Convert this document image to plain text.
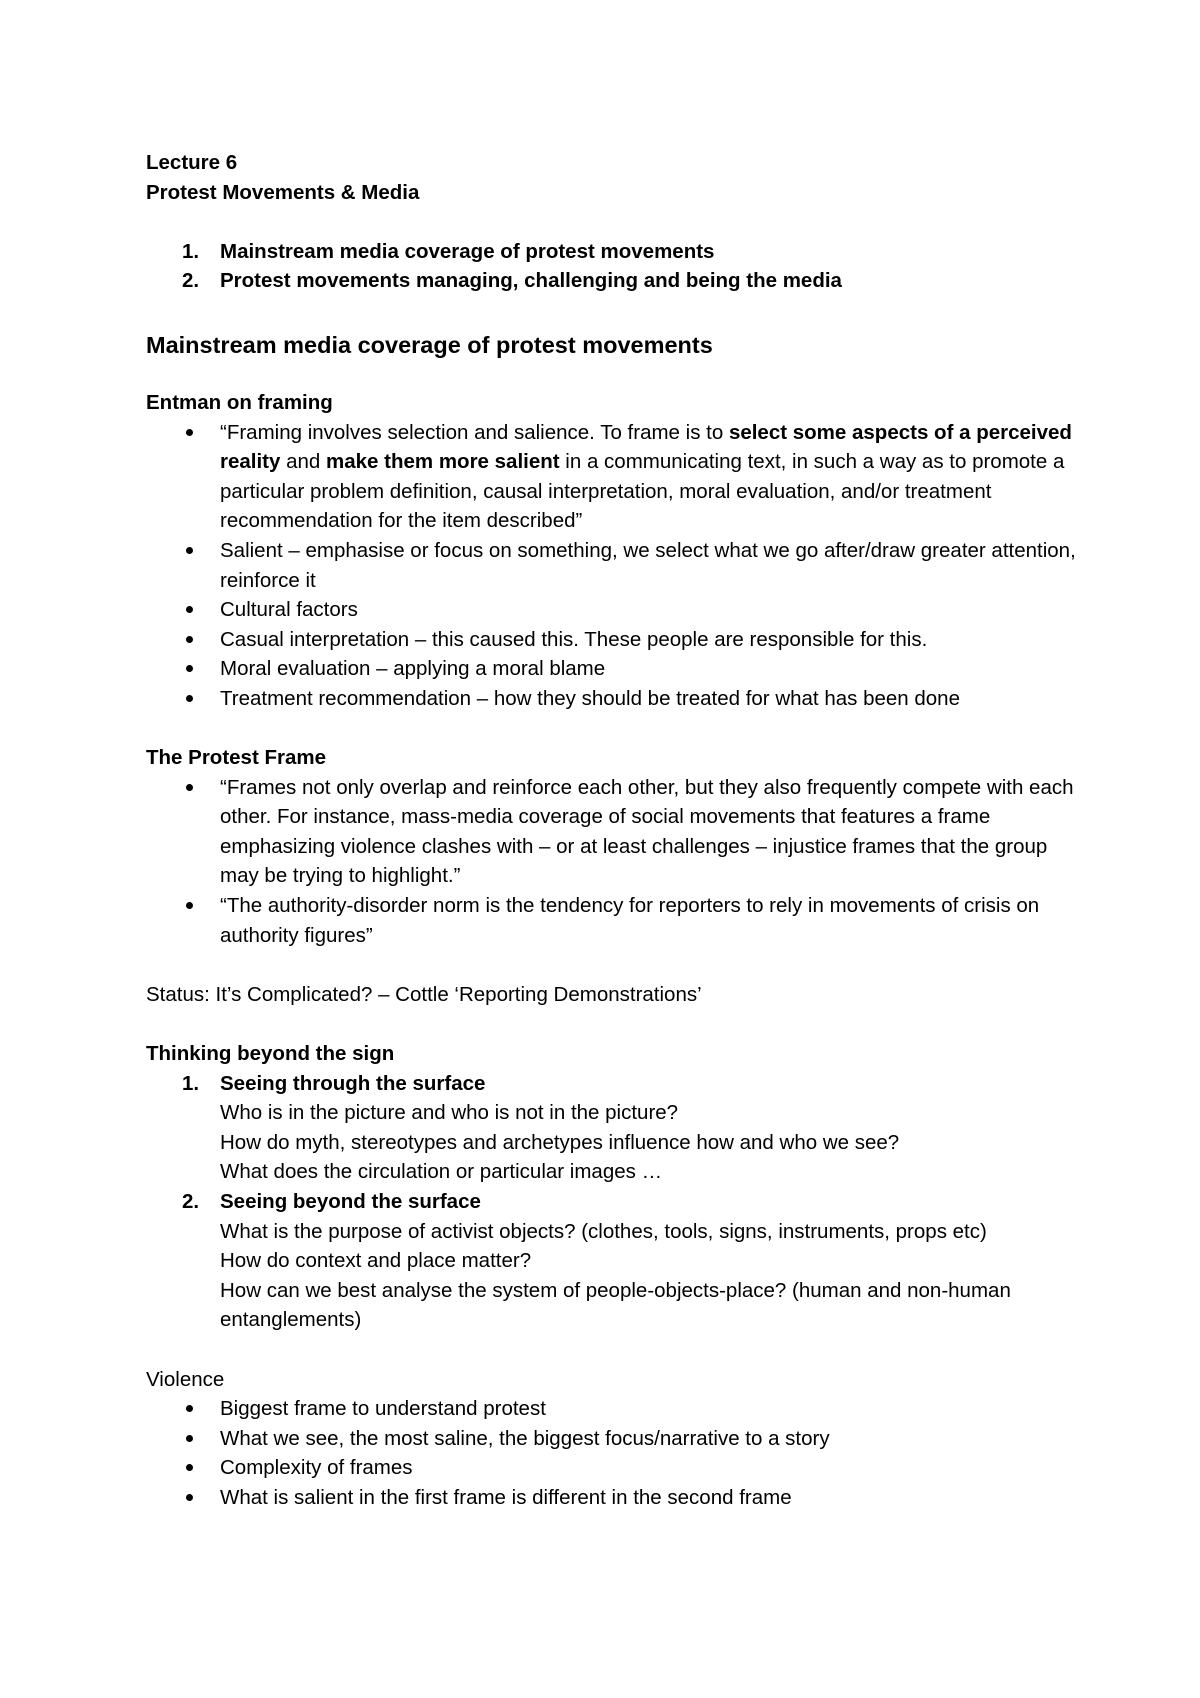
Lecture 6

Protest Movements & Media

1. Mainstream media coverage of protest movements
2. Protest movements managing, challenging and being the media

Mainstream media coverage of protest movements

Entman on framing

“Framing involves selection and salience. To frame is to select some aspects of a perceived reality and make them more salient in a communicating text, in such a way as to promote a particular problem definition, causal interpretation, moral evaluation, and/or treatment recommendation for the item described”
Salient – emphasise or focus on something, we select what we go after/draw greater attention, reinforce it
Cultural factors
Casual interpretation – this caused this. These people are responsible for this.
Moral evaluation – applying a moral blame
Treatment recommendation – how they should be treated for what has been done

The Protest Frame

“Frames not only overlap and reinforce each other, but they also frequently compete with each other. For instance, mass-media coverage of social movements that features a frame emphasizing violence clashes with – or at least challenges – injustice frames that the group may be trying to highlight.”
“The authority-disorder norm is the tendency for reporters to rely in movements of crisis on authority figures”

Status: It’s Complicated? – Cottle ‘Reporting Demonstrations’

Thinking beyond the sign

1. Seeing through the surface
Who is in the picture and who is not in the picture?
How do myth, stereotypes and archetypes influence how and who we see?
What does the circulation or particular images …
2. Seeing beyond the surface
What is the purpose of activist objects? (clothes, tools, signs, instruments, props etc)
How do context and place matter?
How can we best analyse the system of people-objects-place? (human and non-human entanglements)

Violence

Biggest frame to understand protest
What we see, the most saline, the biggest focus/narrative to a story
Complexity of frames
What is salient in the first frame is different in the second frame
